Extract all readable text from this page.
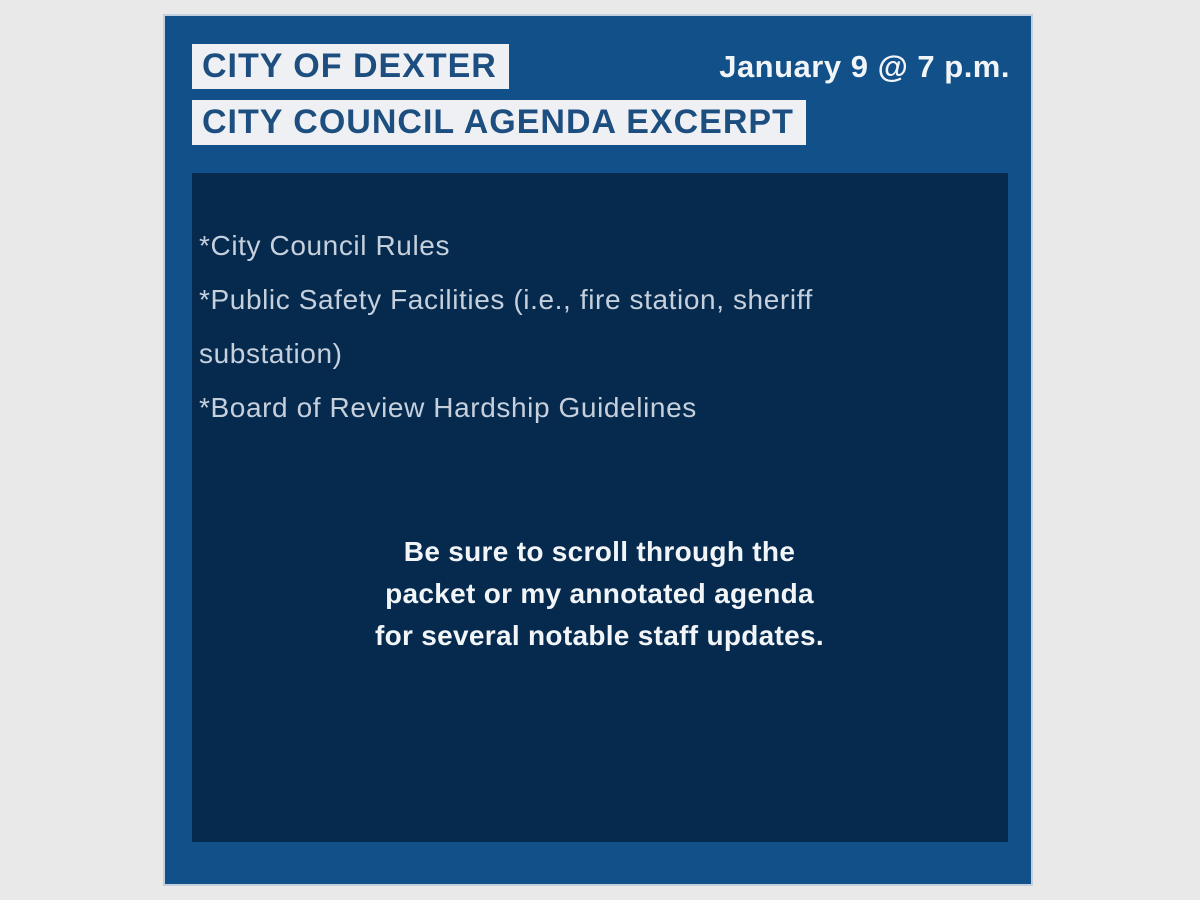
CITY OF DEXTER
CITY COUNCIL AGENDA EXCERPT
January 9 @ 7 p.m.
*City Council Rules
*Public Safety Facilities (i.e., fire station, sheriff
substation)
*Board of Review Hardship Guidelines
Be sure to scroll through the
packet or my annotated agenda
for several notable staff updates.
